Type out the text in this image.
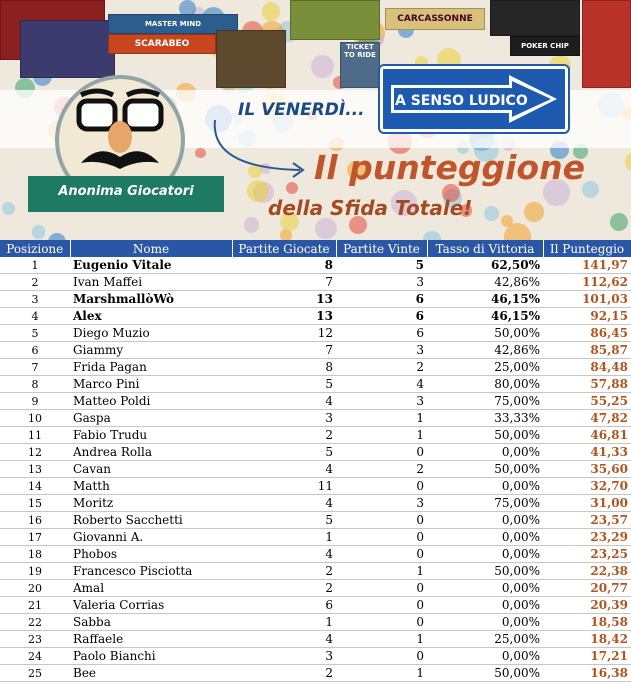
SCARABEO
MASTER MIND	CARCASSONNE
TICKET TO RIDE
POKER CHIP
IL VENERDÌ... A SENSO LUDICO
Anonima Giocatori
Il punteggione
della Sfida Totale!
Posizione	Nome	Partite Giocate	Partite Vinte	Tasso di Vittoria	Il Punteggio
1	Eugenio Vitale	8	5	62,50%	141,97
2	Ivan Maffei	7	3	42,86%	112,62
3	MarshmallòWò	13	6	46,15%	101,03
4	Alex	13	6	46,15%	92,15
5	Diego Muzio	12	6	50,00%	86,45
6	Giammy	7	3	42,86%	85,87
7	Frida Pagan	8	2	25,00%	84,48
8	Marco Pini	5	4	80,00%	57,88
9	Matteo Poldi	4	3	75,00%	55,25
10	Gaspa	3	1	33,33%	47,82
11	Fabio Trudu	2	1	50,00%	46,81
12	Andrea Rolla	5	0	0,00%	41,33
13	Cavan	4	2	50,00%	35,60
14	Matth	11	0	0,00%	32,70
15	Moritz	4	3	75,00%	31,00
16	Roberto Sacchetti	5	0	0,00%	23,57
17	Giovanni A.	1	0	0,00%	23,29
18	Phobos	4	0	0,00%	23,25
19	Francesco Pisciotta	2	1	50,00%	22,38
20	Amal	2	0	0,00%	20,77
21	Valeria Corrias	6	0	0,00%	20,39
22	Sabba	1	0	0,00%	18,58
23	Raffaele	4	1	25,00%	18,42
24	Paolo Bianchi	3	0	0,00%	17,21
25	Bee	2	1	50,00%	16,38
